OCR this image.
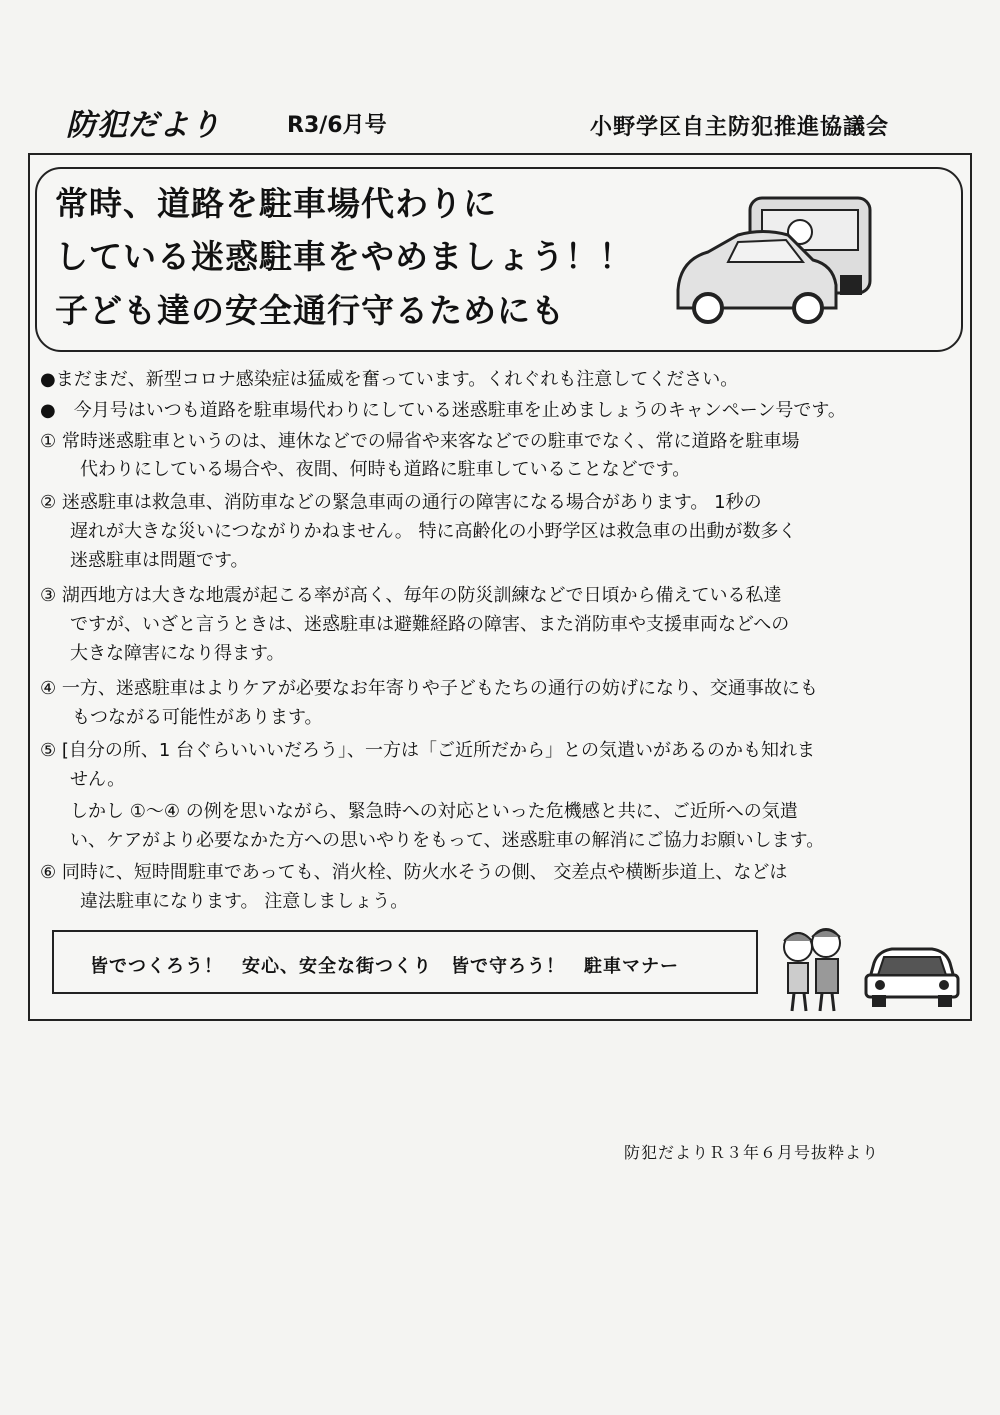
防犯だより	R3/6月号	小野学区自主防犯推進協議会
常時、道路を駐車場代わりに
している迷惑駐車をやめましょう！！
子ども達の安全通行守るためにも
●まだまだ、新型コロナ感染症は猛威を奮っています。くれぐれも注意してください。
●　今月号はいつも道路を駐車場代わりにしている迷惑駐車を止めましょうのキャンペーン号です。
① 常時迷惑駐車というのは、連休などでの帰省や来客などでの駐車でなく、常に道路を駐車場
代わりにしている場合や、夜間、何時も道路に駐車していることなどです。
② 迷惑駐車は救急車、消防車などの緊急車両の通行の障害になる場合があります。 1秒の
遅れが大きな災いにつながりかねません。 特に高齢化の小野学区は救急車の出動が数多く
迷惑駐車は問題です。
③ 湖西地方は大きな地震が起こる率が高く、毎年の防災訓練などで日頃から備えている私達
ですが、いざと言うときは、迷惑駐車は避難経路の障害、また消防車や支援車両などへの
大きな障害になり得ます。
④ 一方、迷惑駐車はよりケアが必要なお年寄りや子どもたちの通行の妨げになり、交通事故にも
もつながる可能性があります。
⑤ [自分の所、1 台ぐらいいいだろう」、一方は「ご近所だから」との気遣いがあるのかも知れま
せん。
しかし ①～④ の例を思いながら、緊急時への対応といった危機感と共に、ご近所への気遣
い、ケアがより必要なかた方への思いやりをもって、迷惑駐車の解消にご協力お願いします。
⑥ 同時に、短時間駐車であっても、消火栓、防火水そうの側、 交差点や横断歩道上、などは
違法駐車になります。 注意しましょう。
皆でつくろう！　安心、安全な街つくり　皆で守ろう！　駐車マナー
防犯だよりＲ３年６月号抜粋より
